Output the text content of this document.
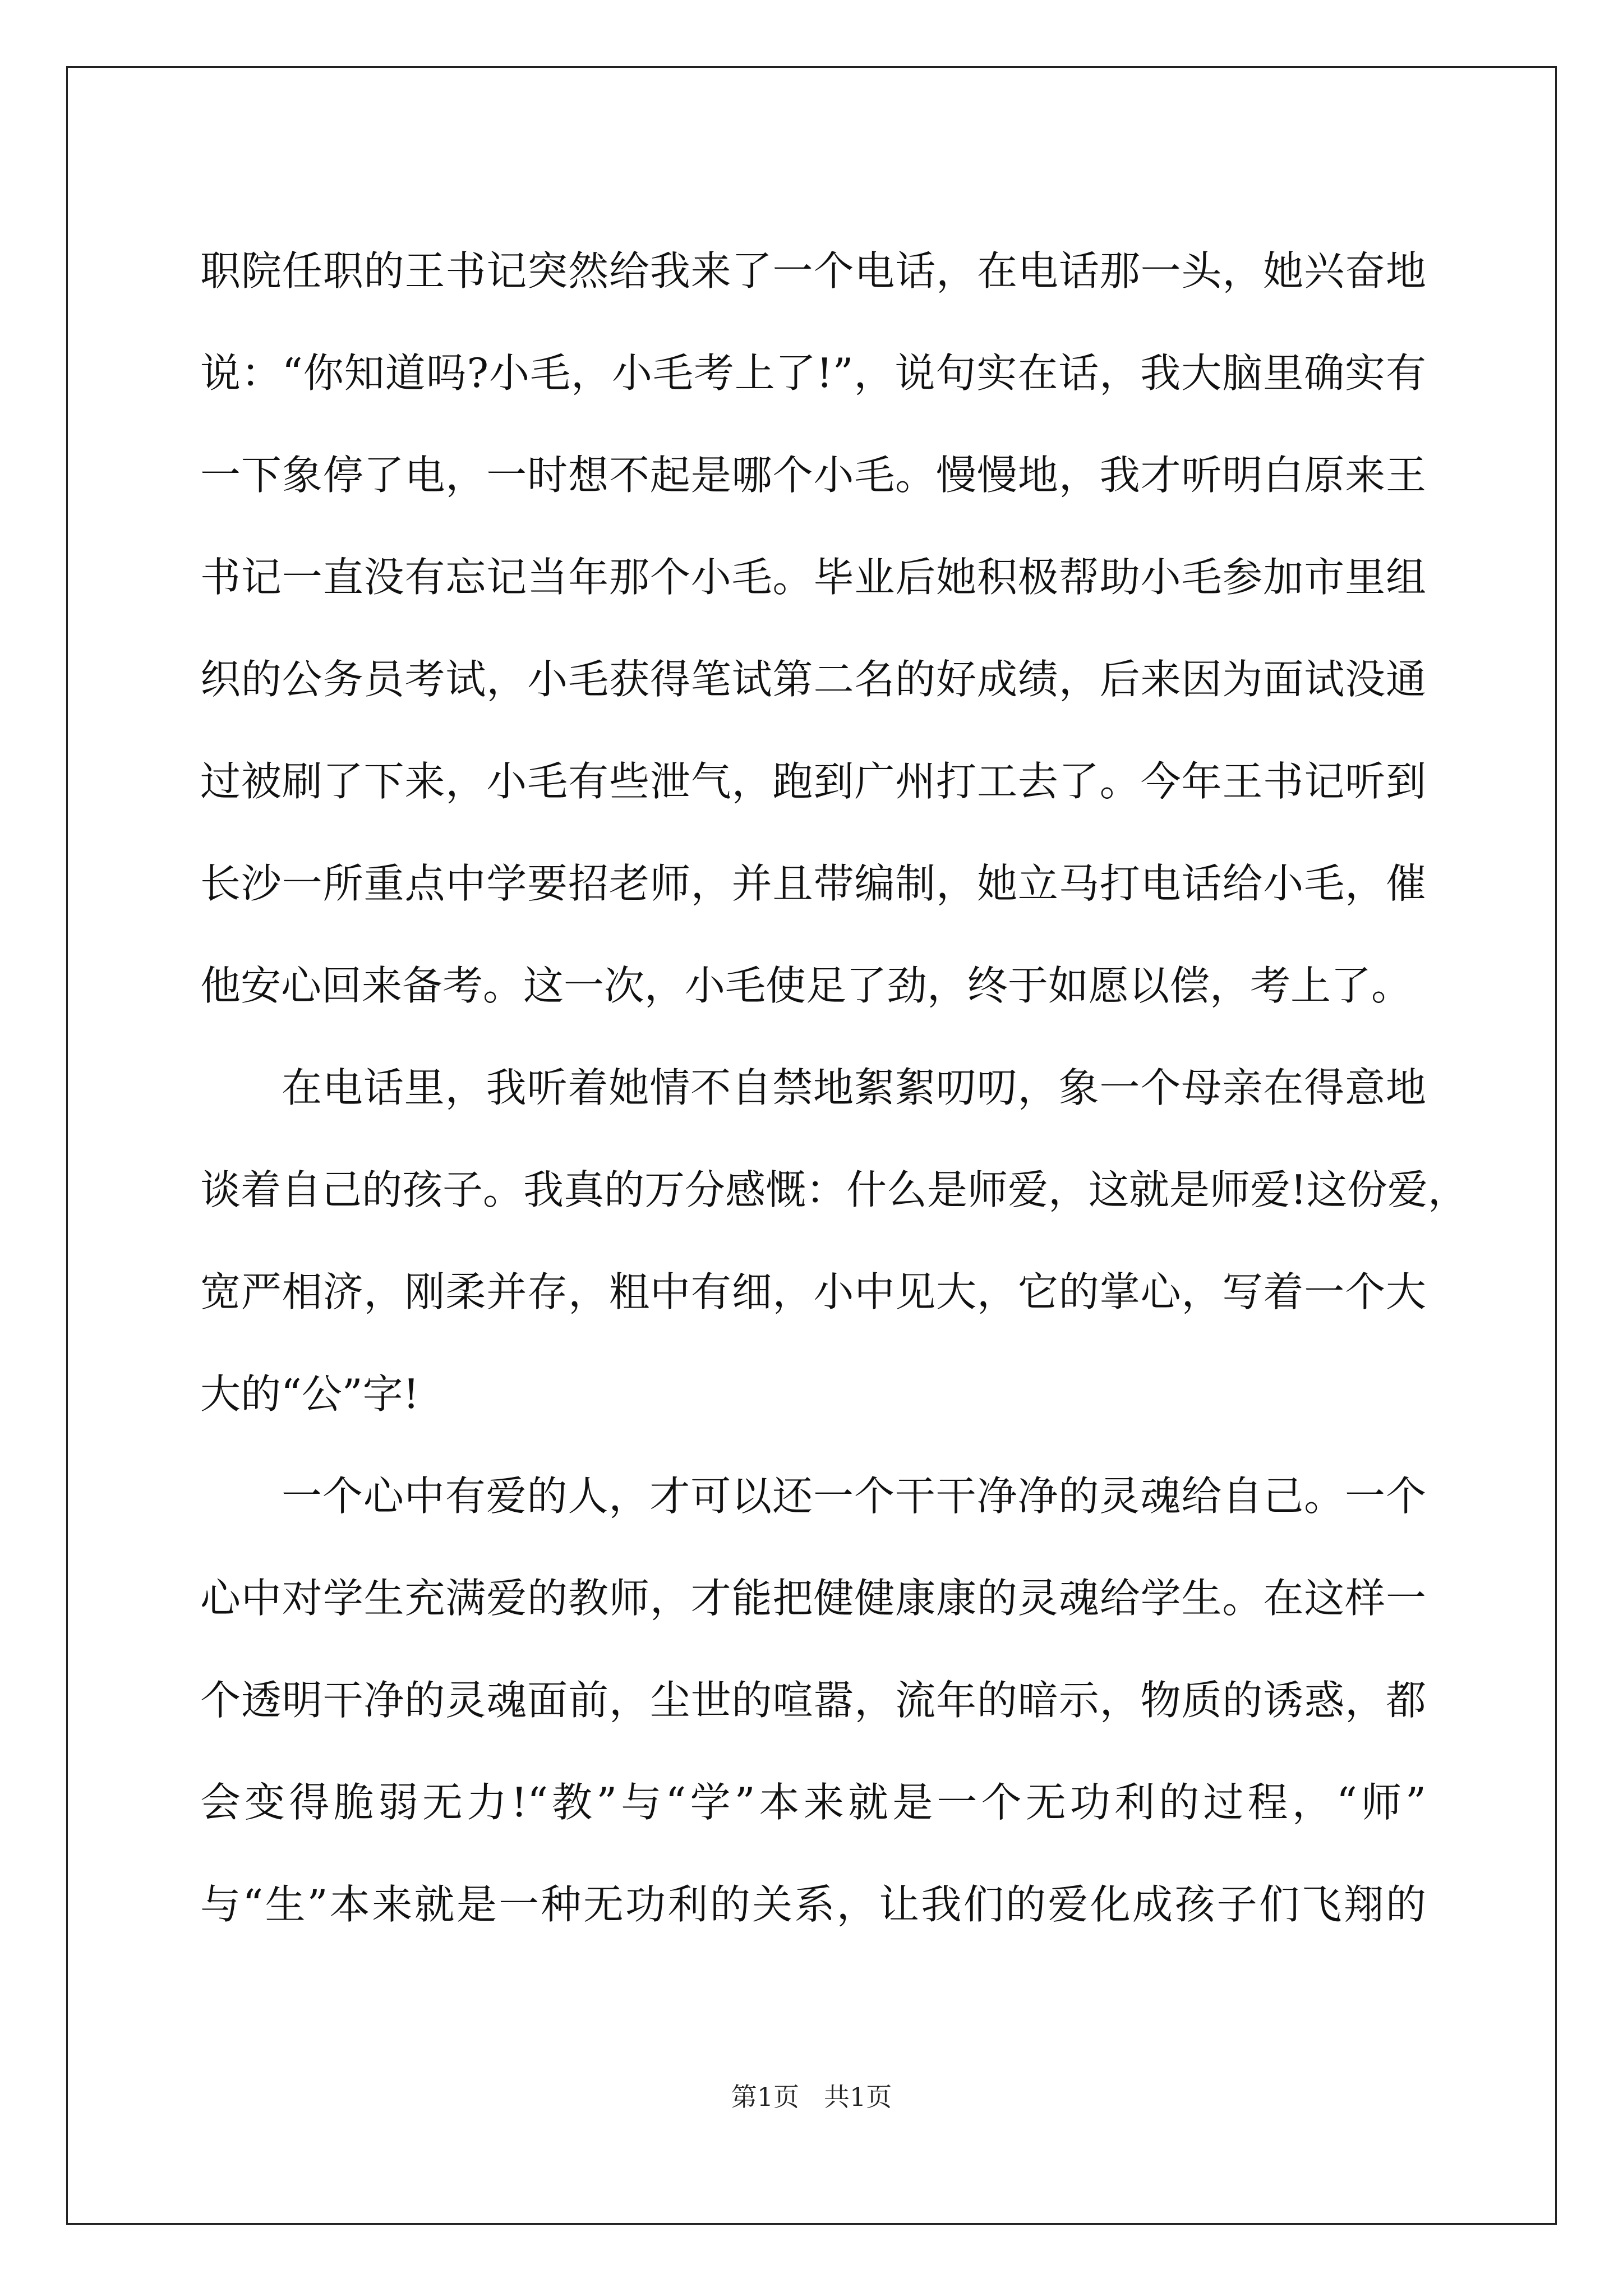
职院任职的王书记突然给我来了一个电话，在电话那一头，她兴奋地
说：“你知道吗?小毛，小毛考上了!”，说句实在话，我大脑里确实有
一下象停了电，一时想不起是哪个小毛。慢慢地，我才听明白原来王
书记一直没有忘记当年那个小毛。毕业后她积极帮助小毛参加市里组
织的公务员考试，小毛获得笔试第二名的好成绩，后来因为面试没通
过被刷了下来，小毛有些泄气，跑到广州打工去了。今年王书记听到
长沙一所重点中学要招老师，并且带编制，她立马打电话给小毛，催
他安心回来备考。这一次，小毛使足了劲，终于如愿以偿，考上了。
在电话里，我听着她情不自禁地絮絮叨叨，象一个母亲在得意地
谈着自己的孩子。我真的万分感慨：什么是师爱，这就是师爱!这份爱，
宽严相济，刚柔并存，粗中有细，小中见大，它的掌心，写着一个大
大的“公”字!
一个心中有爱的人，才可以还一个干干净净的灵魂给自己。一个
心中对学生充满爱的教师，才能把健健康康的灵魂给学生。在这样一
个透明干净的灵魂面前，尘世的喧嚣，流年的暗示，物质的诱惑，都
会变得脆弱无力!“教”与“学”本来就是一个无功利的过程，“师”
与“生”本来就是一种无功利的关系，让我们的爱化成孩子们飞翔的
第1页 共1页
